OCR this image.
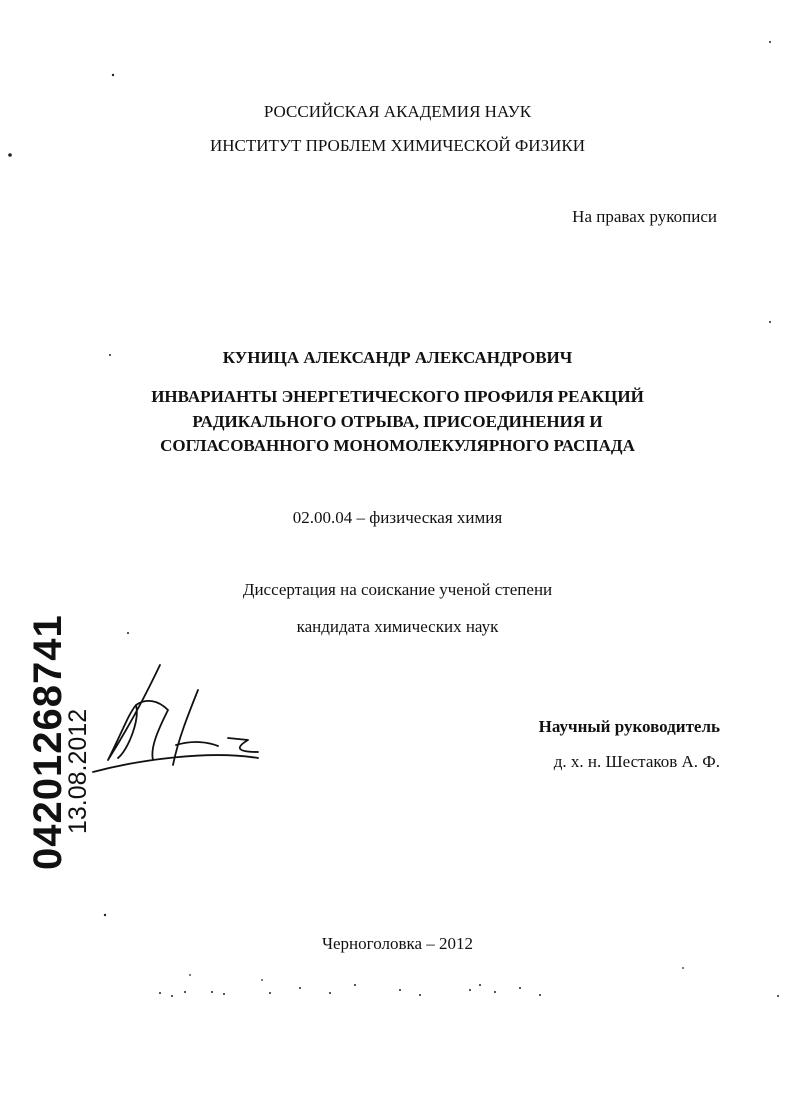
РОССИЙСКАЯ АКАДЕМИЯ НАУК
ИНСТИТУТ ПРОБЛЕМ ХИМИЧЕСКОЙ ФИЗИКИ
На правах рукописи
КУНИЦА АЛЕКСАНДР АЛЕКСАНДРОВИЧ
ИНВАРИАНТЫ ЭНЕРГЕТИЧЕСКОГО ПРОФИЛЯ РЕАКЦИЙ
РАДИКАЛЬНОГО ОТРЫВА, ПРИСОЕДИНЕНИЯ И
СОГЛАСОВАННОГО МОНОМОЛЕКУЛЯРНОГО РАСПАДА
02.00.04 – физическая химия
Диссертация на соискание ученой степени
кандидата химических наук
Научный руководитель
д. х. н. Шестаков А. Ф.
04201268741
13.08.2012
Черноголовка – 2012
